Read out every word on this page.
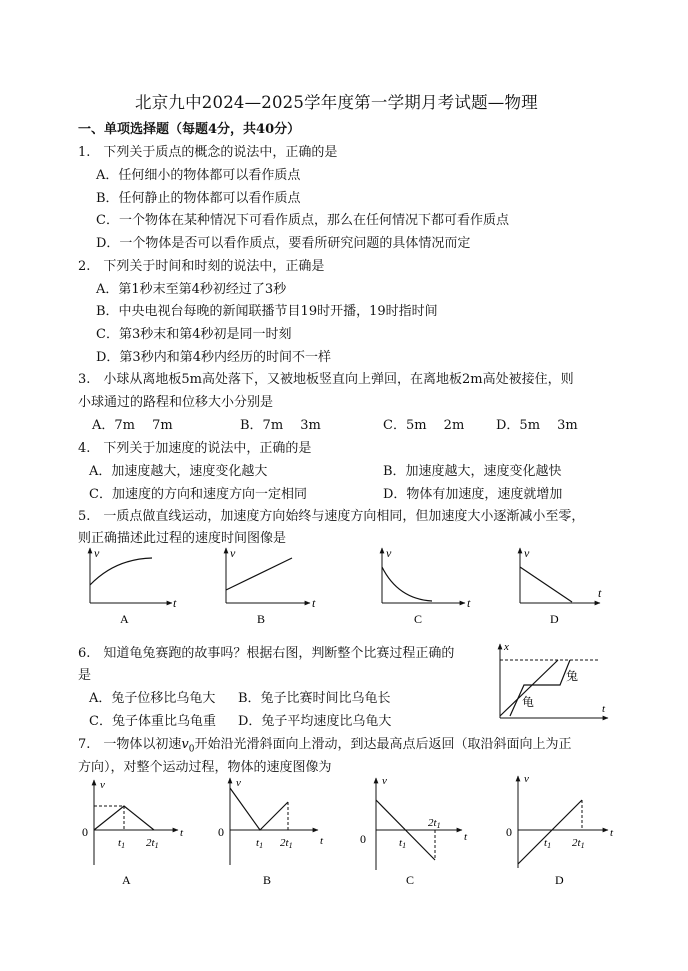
北京九中2024—2025学年度第一学期月考试题—物理
一、单项选择题（每题4分，共40分）
1.　下列关于质点的概念的说法中，正确的是
A．任何细小的物体都可以看作质点
B．任何静止的物体都可以看作质点
C．一个物体在某种情况下可看作质点，那么在任何情况下都可看作质点
D．一个物体是否可以看作质点，要看所研究问题的具体情况而定
2.　下列关于时间和时刻的说法中，正确是
A．第1秒末至第4秒初经过了3秒
B．中央电视台每晚的新闻联播节目19时开播，19时指时间
C．第3秒末和第4秒初是同一时刻
D．第3秒内和第4秒内经历的时间不一样
3.　小球从离地板5m高处落下，又被地板竖直向上弹回，在离地板2m高处被接住，则
小球通过的路程和位移大小分别是
A．7m　 7m	B．7m　 3m	C．5m　 2m D．5m　 3m
4.　下列关于加速度的说法中，正确的是
A．加速度越大，速度变化越大	B．加速度越大，速度变化越快
C．加速度的方向和速度方向一定相同	D．物体有加速度，速度就增加
5.　一质点做直线运动，加速度方向始终与速度方向相同，但加速度大小逐渐减小至零，
则正确描述此过程的速度时间图像是
v
t
A
v
t
B
v
t
C
v
t
D
6.　知道龟兔赛跑的故事吗？根据右图，判断整个比赛过程正确的
是
A．兔子位移比乌龟大 B．兔子比赛时间比乌龟长
C．兔子体重比乌龟重 D．兔子平均速度比乌龟大
x
t
兔
龟
7.　一物体以初速$v_0$开始沿光滑斜面向上滑动，到达最高点后返回（取沿斜面向上为正
方向），对整个运动过程，物体的速度图像为
0
v
t
t1 2t1
A
0
v
t
t1 2t1
B
0
v
t
t1
2t1
C
0
v
t
t1 2t1
D
